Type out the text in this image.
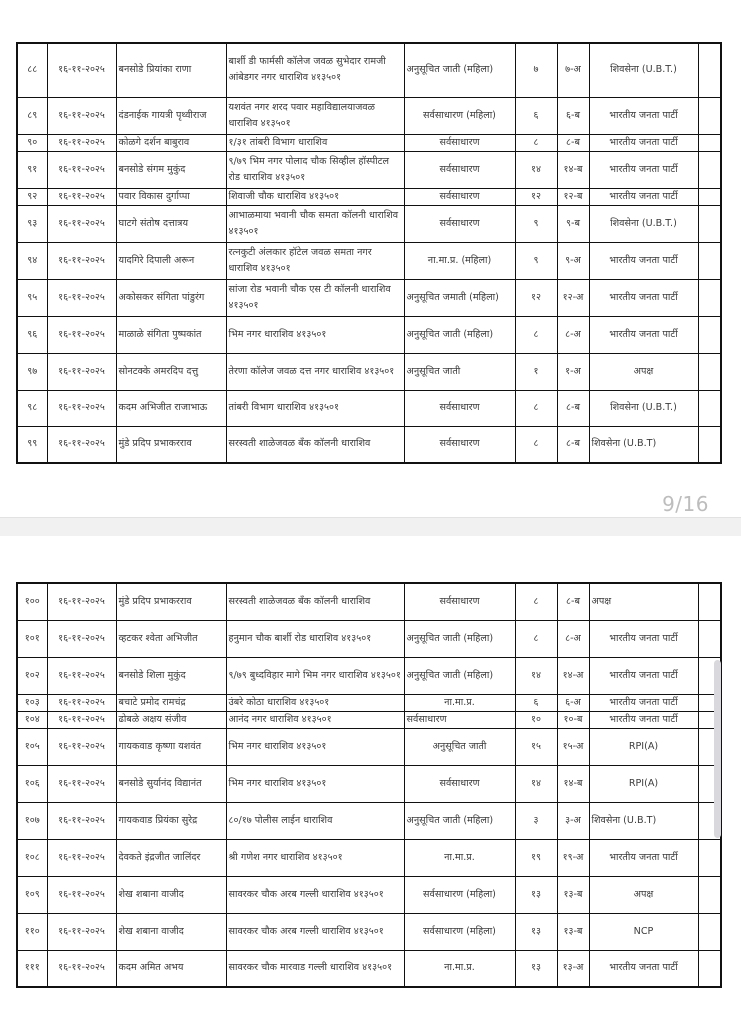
८८	१६-११-२०२५	बनसोडे प्रियांका राणा	बार्शी डी फार्मसी कॉलेज जवळ सुभेदार रामजी आंबेडगर नगर धाराशिव ४१३५०१	अनुसूचित जाती (महिला)	७	७-अ	शिवसेना (U.B.T.)	
८९	१६-११-२०२५	दंडनाईक गायत्री पृथ्वीराज	यशवंत नगर शरद पवार महाविद्यालयाजवळ धाराशिव ४१३५०१	सर्वसाधारण (महिला)	६	६-ब	भारतीय जनता पार्टी	
९०	१६-११-२०२५	कोळगे दर्शन बाबुराव	१/३१ तांबरी विभाग धाराशिव	सर्वसाधारण	८	८-ब	भारतीय जनता पार्टी	
९१	१६-११-२०२५	बनसोडे संगम मुकुंद	९/७९ भिम नगर पोलाद चौक सिव्हील हॉस्पीटल रोड धाराशिव ४१३५०१	सर्वसाधारण	१४	१४-ब	भारतीय जनता पार्टी	
९२	१६-११-२०२५	पवार विकास दुर्गाप्पा	शिवाजी चौक धाराशिव ४१३५०१	सर्वसाधारण	१२	१२-ब	भारतीय जनता पार्टी	
९३	१६-११-२०२५	घाटगे संतोष दत्तात्रय	आभाळमाया भवानी चौक समता कॉलनी धाराशिव ४१३५०१	सर्वसाधारण	९	९-ब	शिवसेना (U.B.T.)	
९४	१६-११-२०२५	यादगिरे दिपाली अरून	रत्नकुटी अंलकार हॉटेल जवळ समता नगर धाराशिव ४१३५०१	ना.मा.प्र. (महिला)	९	९-अ	भारतीय जनता पार्टी	
९५	१६-११-२०२५	अकोसकर संगिता पांडुरंग	सांजा रोड भवानी चौक एस टी कॉलनी धाराशिव ४१३५०१	अनुसूचित जमाती (महिला)	१२	१२-अ	भारतीय जनता पार्टी	
९६	१६-११-२०२५	माळाळे संगिता पुष्पकांत	भिम नगर धाराशिव ४१३५०१	अनुसूचित जाती (महिला)	८	८-अ	भारतीय जनता पार्टी	
९७	१६-११-२०२५	सोनटक्के अमरदिप दत्तु	तेरणा कॉलेज जवळ दत्त नगर धाराशिव ४१३५०१	अनुसूचित जाती	१	१-अ	अपक्ष	
९८	१६-११-२०२५	कदम अभिजीत राजाभाऊ	तांबरी विभाग धाराशिव ४१३५०१	सर्वसाधारण	८	८-ब	शिवसेना (U.B.T.)	
९९	१६-११-२०२५	मुंडे प्रदिप प्रभाकरराव	सरस्वती शाळेजवळ बँक कॉलनी धाराशिव	सर्वसाधारण	८	८-ब	शिवसेना (U.B.T)	
9/16
१००	१६-११-२०२५	मुंडे प्रदिप प्रभाकरराव	सरस्वती शाळेजवळ बँक कॉलनी धाराशिव	सर्वसाधारण	८	८-ब	अपक्ष	
१०१	१६-११-२०२५	व्हटकर श्वेता अभिजीत	हनुमान चौक बार्शी रोड धाराशिव ४१३५०१	अनुसूचित जाती (महिला)	८	८-अ	भारतीय जनता पार्टी	
१०२	१६-११-२०२५	बनसोडे शिला मुकुंद	९/७९ बुध्दविहार मागे भिम नगर धाराशिव ४१३५०१	अनुसूचित जाती (महिला)	१४	१४-अ	भारतीय जनता पार्टी	
१०३	१६-११-२०२५	बचाटे प्रमोद रामचंद्र	उंबरे कोठा धाराशिव ४१३५०१	ना.मा.प्र.	६	६-अ	भारतीय जनता पार्टी	
१०४	१६-११-२०२५	ढोबळे अक्षय संजीव	आनंद नगर धाराशिव ४१३५०१	सर्वसाधारण	१०	१०-ब	भारतीय जनता पार्टी	
१०५	१६-११-२०२५	गायकवाड कृष्णा यशवंत	भिम नगर धाराशिव ४१३५०१	अनुसूचित जाती	१५	१५-अ	RPI(A)	
१०६	१६-११-२०२५	बनसोडे सुर्यानंद विद्यानंत	भिम नगर धाराशिव ४१३५०१	सर्वसाधारण	१४	१४-ब	RPI(A)	
१०७	१६-११-२०२५	गायकवाड प्रियंका सुरेद्र	८०/१७ पोलीस लाईन धाराशिव	अनुसूचित जाती (महिला)	३	३-अ	शिवसेना (U.B.T)	
१०८	१६-११-२०२५	देवकते इंद्रजीत जालिंदर	श्री गणेश नगर धाराशिव ४१३५०१	ना.मा.प्र.	१९	१९-अ	भारतीय जनता पार्टी	
१०९	१६-११-२०२५	शेख शबाना वाजीद	सावरकर चौक अरब गल्ली धाराशिव ४१३५०१	सर्वसाधारण (महिला)	१३	१३-ब	अपक्ष	
११०	१६-११-२०२५	शेख शबाना वाजीद	सावरकर चौक अरब गल्ली धाराशिव ४१३५०१	सर्वसाधारण (महिला)	१३	१३-ब	NCP	
१११	१६-११-२०२५	कदम अमित अभय	सावरकर चौक मारवाड गल्ली धाराशिव ४१३५०१	ना.मा.प्र.	१३	१३-अ	भारतीय जनता पार्टी	
